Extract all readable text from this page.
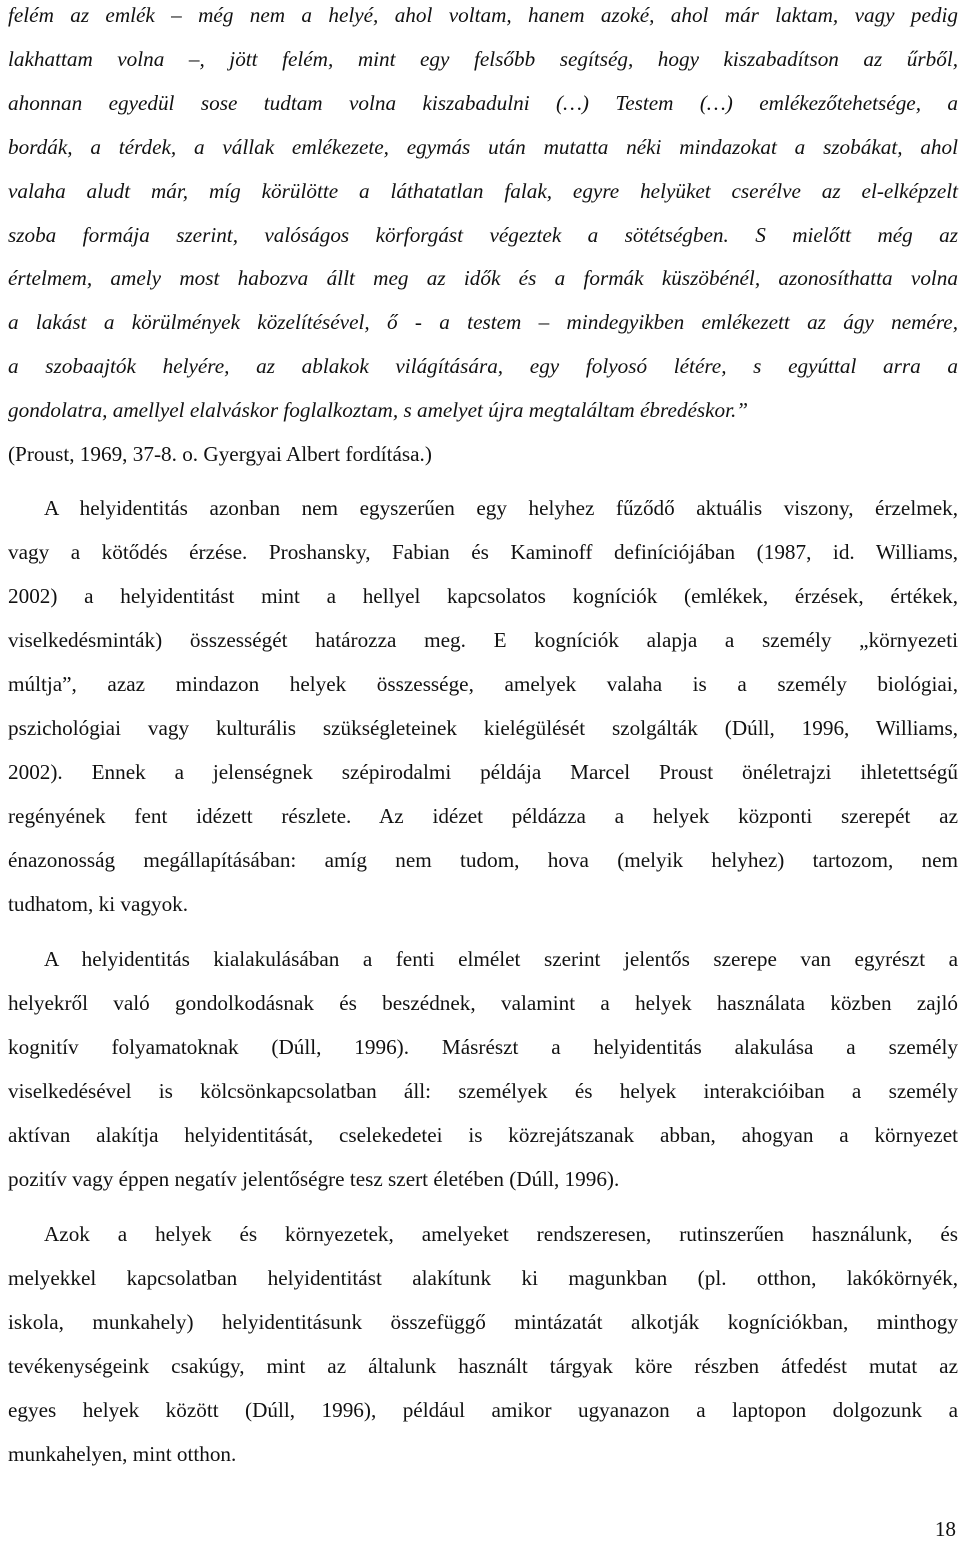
felém az emlék – még nem a helyé, ahol voltam, hanem azoké, ahol már laktam, vagy pedig
lakhattam volna –, jött felém, mint egy felsőbb segítség, hogy kiszabadítson az űrből,
ahonnan egyedül sose tudtam volna kiszabadulni (…) Testem (…) emlékezőtehetsége, a
bordák, a térdek, a vállak emlékezete, egymás után mutatta néki mindazokat a szobákat, ahol
valaha aludt már, míg körülötte a láthatatlan falak, egyre helyüket cserélve az el-elképzelt
szoba formája szerint, valóságos körforgást végeztek a sötétségben. S mielőtt még az
értelmem, amely most habozva állt meg az idők és a formák küszöbénél, azonosíthatta volna
a lakást a körülmények közelítésével, ő - a testem – mindegyikben emlékezett az ágy nemére,
a szobaajtók helyére, az ablakok világítására, egy folyosó létére, s egyúttal arra a
gondolatra, amellyel elalváskor foglalkoztam, s amelyet újra megtaláltam ébredéskor.”
(Proust, 1969, 37-8. o. Gyergyai Albert fordítása.)
A helyidentitás azonban nem egyszerűen egy helyhez fűződő aktuális viszony, érzelmek,
vagy a kötődés érzése. Proshansky, Fabian és Kaminoff definíciójában (1987, id. Williams,
2002) a helyidentitást mint a hellyel kapcsolatos kogníciók (emlékek, érzések, értékek,
viselkedésminták) összességét határozza meg. E kogníciók alapja a személy „környezeti
múltja”, azaz mindazon helyek összessége, amelyek valaha is a személy biológiai,
pszichológiai vagy kulturális szükségleteinek kielégülését szolgálták (Dúll, 1996, Williams,
2002). Ennek a jelenségnek szépirodalmi példája Marcel Proust önéletrajzi ihletettségű
regényének fent idézett részlete. Az idézet példázza a helyek központi szerepét az
énazonosság megállapításában: amíg nem tudom, hova (melyik helyhez) tartozom, nem
tudhatom, ki vagyok.
A helyidentitás kialakulásában a fenti elmélet szerint jelentős szerepe van egyrészt a
helyekről való gondolkodásnak és beszédnek, valamint a helyek használata közben zajló
kognitív folyamatoknak (Dúll, 1996). Másrészt a helyidentitás alakulása a személy
viselkedésével is kölcsönkapcsolatban áll: személyek és helyek interakcióiban a személy
aktívan alakítja helyidentitását, cselekedetei is közrejátszanak abban, ahogyan a környezet
pozitív vagy éppen negatív jelentőségre tesz szert életében (Dúll, 1996).
Azok a helyek és környezetek, amelyeket rendszeresen, rutinszerűen használunk, és
melyekkel kapcsolatban helyidentitást alakítunk ki magunkban (pl. otthon, lakókörnyék,
iskola, munkahely) helyidentitásunk összefüggő mintázatát alkotják kogníciókban, minthogy
tevékenységeink csakúgy, mint az általunk használt tárgyak köre részben átfedést mutat az
egyes helyek között (Dúll, 1996), például amikor ugyanazon a laptopon dolgozunk a
munkahelyen, mint otthon.
18
